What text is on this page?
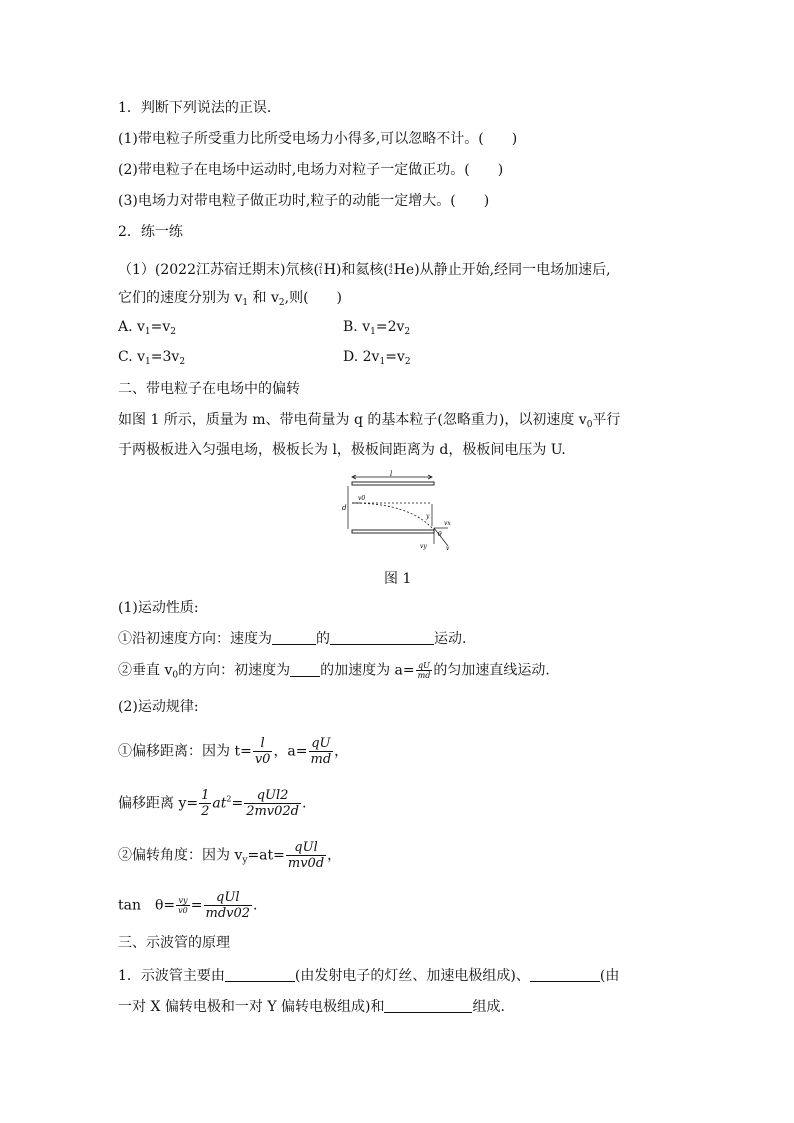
1．判断下列说法的正误．
(1)带电粒子所受重力比所受电场力小得多,可以忽略不计。(　　)
(2)带电粒子在电场中运动时,电场力对粒子一定做正功。(　　)
(3)电场力对带电粒子做正功时,粒子的动能一定增大。(　　)
2．练一练
（1）(2022江苏宿迁期末)氘核( 2
1 H)和氦核( 4
2 He)从静止开始,经同一电场加速后,
它们的速度分别为 $v_1$ 和 $v_2$,则(　　)
A. $v_1=v_2$	B. $v_1=2v_2$
C. $v_1=3v_2$	D. $2v_1=v_2$
二、带电粒子在电场中的偏转
如图 1 所示，质量为 m、带电荷量为 q 的基本粒子(忽略重力)，以初速度 $v_0$平行
于两极板进入匀强电场，极板长为 l，极板间距离为 d，极板间电压为 U.
l
d
v0
y
vx
v
vy
θ
图 1
(1)运动性质:
①沿初速度方向：速度为	的	运动.
②垂直 $v_0$的方向：初速度为 的加速度为 $a= \frac{qU}{md}$ 的匀加速直线运动.
(2)运动规律:
①偏移距离：因为 $t= \frac{l}{v0}$ ，$a= \frac{qU}{md}$ ，
偏移距离 $y= \frac{1}{2} at^2= \frac{\text{qUl2}}{2mv02d}$ .
②偏转角度：因为 $v_y=at= \frac{\text{qUl}}{mv0d}$ ，
tan　$\theta= \frac{vy}{v0} = \frac{\text{qUl}}{\text{mdv02}}$ .
三、示波管的原理
1．示波管主要由	(由发射电子的灯丝、加速电极组成)、	(由
一对 X 偏转电极和一对 Y 偏转电极组成)和	组成.
